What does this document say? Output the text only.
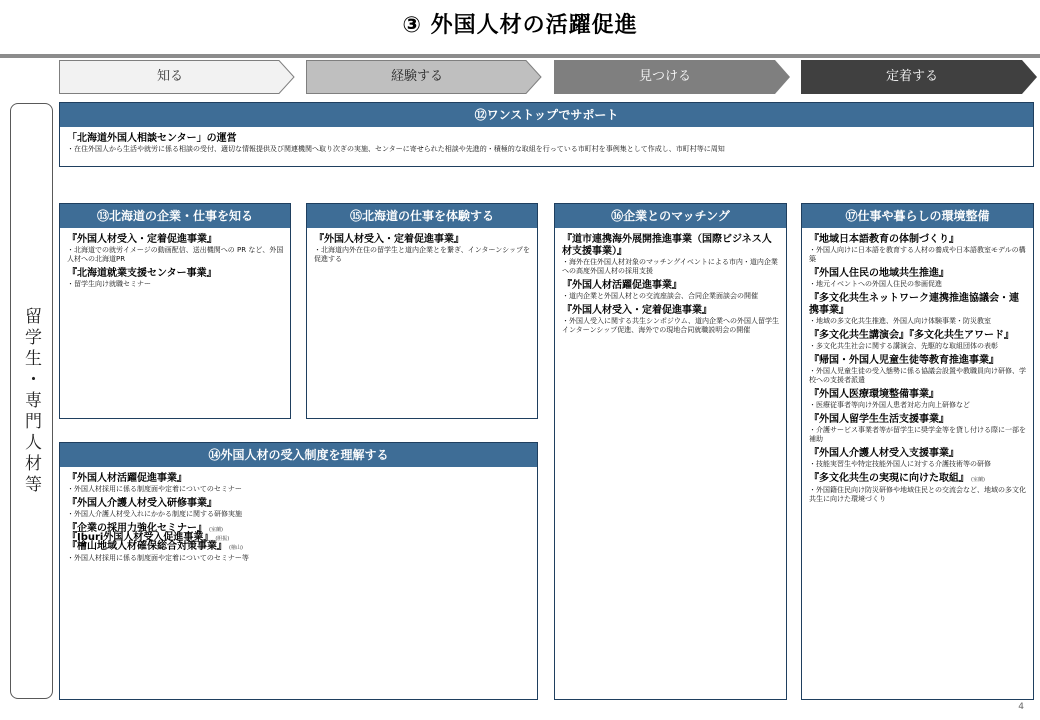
③ 外国人材の活躍促進
知る	経験する	見つける	定着する
留学生・専門人材等
⑫ワンストップでサポート
「北海道外国人相談センター」の運営
・在住外国人から生活や就労に係る相談の受付、適切な情報提供及び関連機関へ取り次ぎの実施、センターに寄せられた相談や先進的・積極的な取組を行っている市町村を事例集として作成し、市町村等に周知
⑬北海道の企業・仕事を知る
『外国人材受入・定着促進事業』
・北海道での就労イメージの動画配信、送出機関への PR など、外国人材への北海道PR
『北海道就業支援センター事業』
・留学生向け就職セミナー
⑮北海道の仕事を体験する
『外国人材受入・定着促進事業』
・北海道内外在住の留学生と道内企業とを繋ぎ、インターンシップを促進する
⑯企業とのマッチング
『道市連携海外展開推進事業（国際ビジネス人材支援事業）』
・海外在住外国人材対象のマッチングイベントによる市内・道内企業への高度外国人材の採用支援
『外国人材活躍促進事業』
・道内企業と外国人材との交流座談会、合同企業面談会の開催
『外国人材受入・定着促進事業』
・外国人受入に関する共生シンポジウム、道内企業への外国人留学生インターンシップ促進、海外での現地合同就職説明会の開催
⑰仕事や暮らしの環境整備
『地域日本語教育の体制づくり』
・外国人向けに日本語を教育する人材の養成や日本語教室モデルの構築
『外国人住民の地域共生推進』
・地元イベントへの外国人住民の参画促進
『多文化共生ネットワーク連携推進協議会・連携事業』
・地域の多文化共生推進、外国人向け体験事業・防災教室
『多文化共生講演会』『多文化共生アワード』
・多文化共生社会に関する講演会、先駆的な取組団体の表彰
『帰国・外国人児童生徒等教育推進事業』
・外国人児童生徒の受入態勢に係る協議会設置や教職員向け研修、学校への支援者派遣
『外国人医療環境整備事業』
・医療従事者等向け外国人患者対応力向上研修など
『外国人留学生生活支援事業』
・介護サービス事業者等が留学生に奨学金等を貸し付ける際に一部を補助
『外国人介護人材受入支援事業』
・技能実習生や特定技能外国人に対する介護技術等の研修
『多文化共生の実現に向けた取組』 (室蘭)
・外国籍住民向け防災研修や地域住民との交流会など、地域の多文化共生に向けた環境づくり
⑭外国人材の受入制度を理解する
『外国人材活躍促進事業』
・外国人材採用に係る制度面や定着についてのセミナー
『外国人介護人材受入研修事業』
・外国人介護人材受入れにかかる制度に関する研修実施
『企業の採用力強化セミナー』 (室蘭)
『Iburi外国人材受入促進事業』 (胆振)
『檜山地域人材確保総合対策事業』 (檜山)
・外国人材採用に係る制度面や定着についてのセミナー等
4
